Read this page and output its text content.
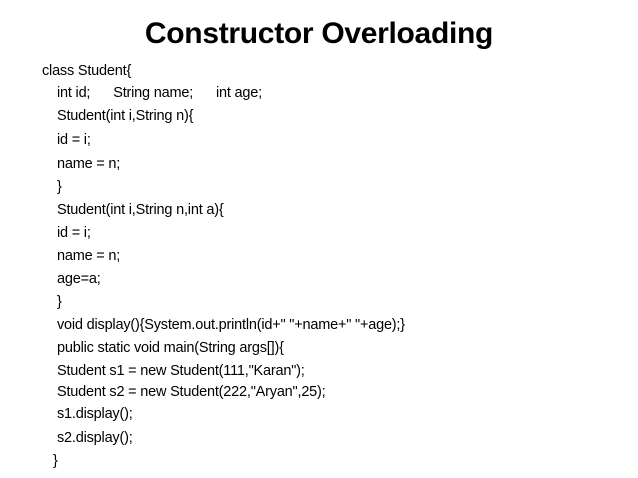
Constructor Overloading
class Student{
int id;      String name;      int age;
Student(int i,String n){
id = i;
name = n;
}
Student(int i,String n,int a){
id = i;
name = n;
age=a;
}
void display(){System.out.println(id+" "+name+" "+age);}
public static void main(String args[]){
Student s1 = new Student(111,"Karan");
Student s2 = new Student(222,"Aryan",25);
s1.display();
s2.display();
}
